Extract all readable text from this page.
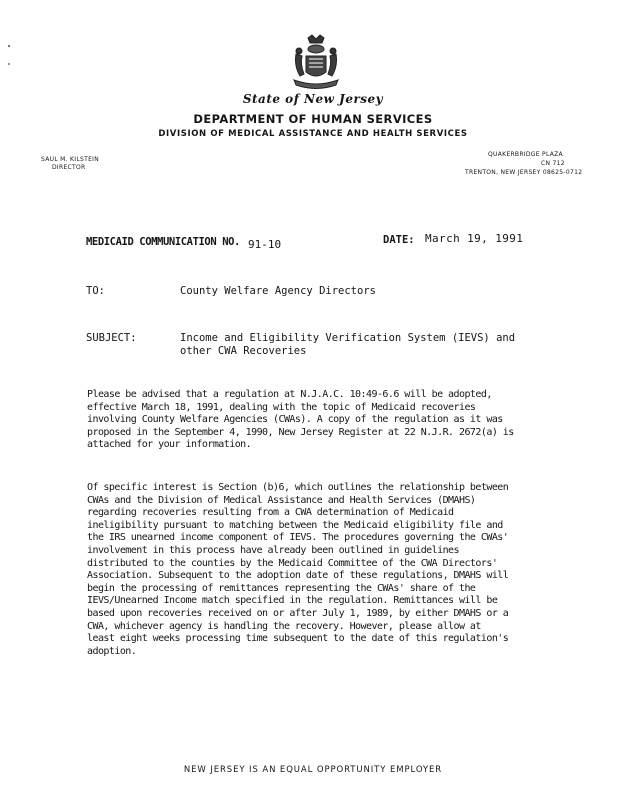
State of New Jersey
DEPARTMENT OF HUMAN SERVICES
DIVISION OF MEDICAL ASSISTANCE AND HEALTH SERVICES
SAUL M. KILSTEIN
DIRECTOR
QUAKERBRIDGE PLAZA
CN 712
TRENTON, NEW JERSEY 08625-0712
MEDICAID COMMUNICATION NO. 91-10	DATE: March 19, 1991
TO:	County Welfare Agency Directors
SUBJECT:	Income and Eligibility Verification System (IEVS) and
other CWA Recoveries
Please be advised that a regulation at N.J.A.C. 10:49-6.6 will be adopted,
effective March 18, 1991, dealing with the topic of Medicaid recoveries
involving County Welfare Agencies (CWAs). A copy of the regulation as it was
proposed in the September 4, 1990, New Jersey Register at 22 N.J.R. 2672(a) is
attached for your information.
Of specific interest is Section (b)6, which outlines the relationship between
CWAs and the Division of Medical Assistance and Health Services (DMAHS)
regarding recoveries resulting from a CWA determination of Medicaid
ineligibility pursuant to matching between the Medicaid eligibility file and
the IRS unearned income component of IEVS. The procedures governing the CWAs'
involvement in this process have already been outlined in guidelines
distributed to the counties by the Medicaid Committee of the CWA Directors'
Association. Subsequent to the adoption date of these regulations, DMAHS will
begin the processing of remittances representing the CWAs' share of the
IEVS/Unearned Income match specified in the regulation. Remittances will be
based upon recoveries received on or after July 1, 1989, by either DMAHS or a
CWA, whichever agency is handling the recovery. However, please allow at
least eight weeks processing time subsequent to the date of this regulation's
adoption.
NEW JERSEY IS AN EQUAL OPPORTUNITY EMPLOYER
